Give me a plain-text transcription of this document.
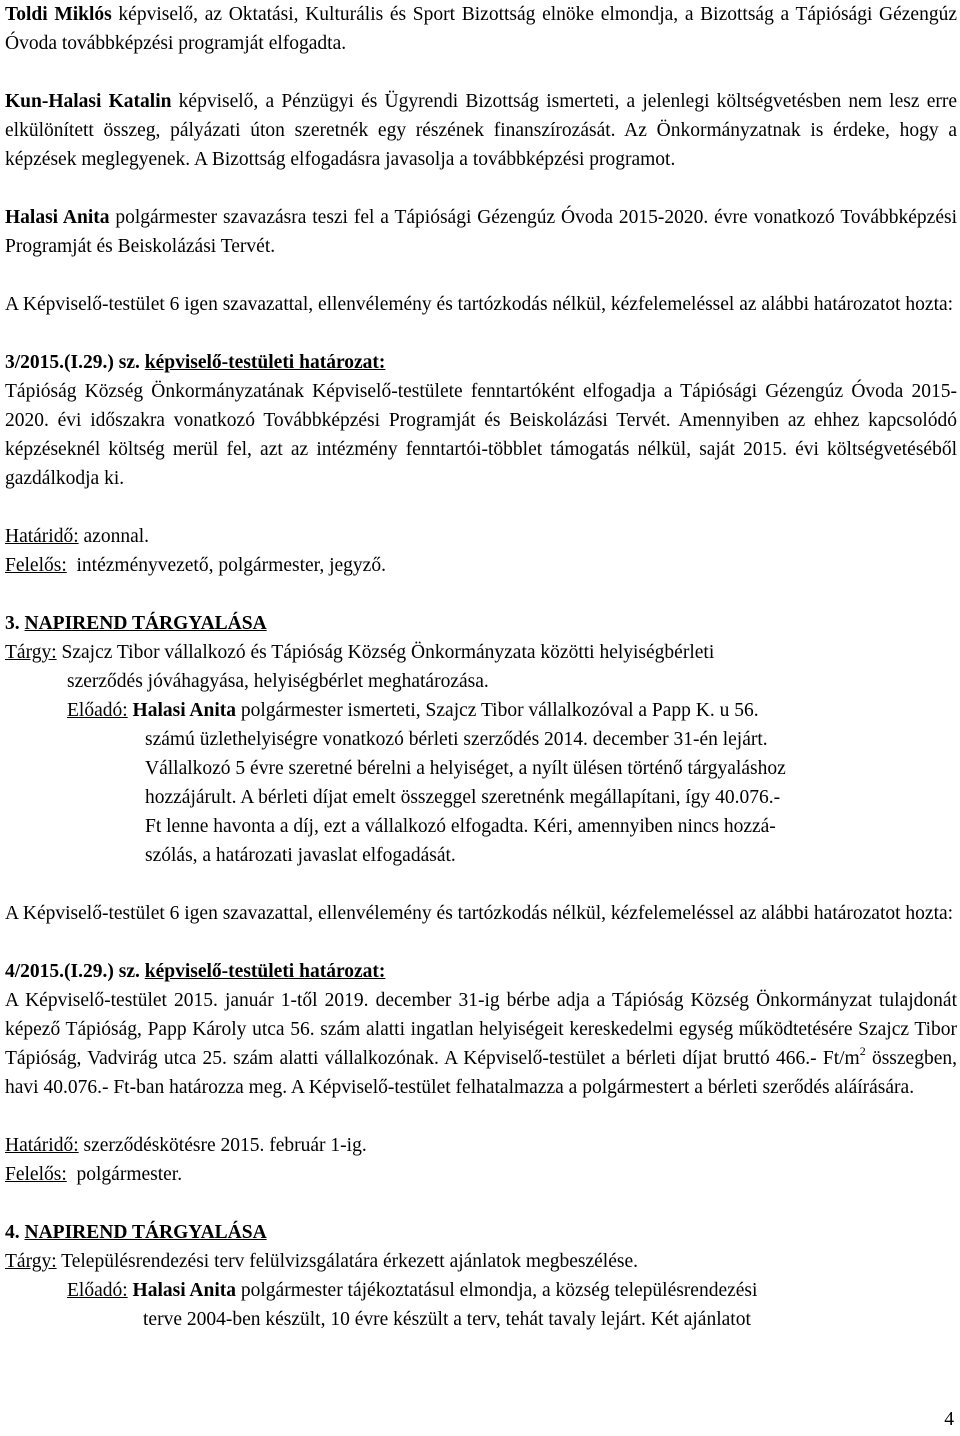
Toldi Miklós képviselő, az Oktatási, Kulturális és Sport Bizottság elnöke elmondja, a Bizottság a Tápiósági Gézengúz Óvoda továbbképzési programját elfogadta.

Kun-Halasi Katalin képviselő, a Pénzügyi és Ügyrendi Bizottság ismerteti, a jelenlegi költségvetésben nem lesz erre elkülönített összeg, pályázati úton szeretnék egy részének finanszírozását. Az Önkormányzatnak is érdeke, hogy a képzések meglegyenek. A Bizottság elfogadásra javasolja a továbbképzési programot.

Halasi Anita polgármester szavazásra teszi fel a Tápiósági Gézengúz Óvoda 2015-2020. évre vonatkozó Továbbképzési Programját és Beiskolázási Tervét.

A Képviselő-testület 6 igen szavazattal, ellenvélemény és tartózkodás nélkül, kézfelemeléssel az alábbi határozatot hozta:

3/2015.(I.29.) sz. képviselő-testületi határozat:

Tápióság Község Önkormányzatának Képviselő-testülete fenntartóként elfogadja a Tápiósági Gézengúz Óvoda 2015-2020. évi időszakra vonatkozó Továbbképzési Programját és Beiskolázási Tervét. Amennyiben az ehhez kapcsolódó képzéseknél költség merül fel, azt az intézmény fenntartói-többlet támogatás nélkül, saját 2015. évi költségvetéséből gazdálkodja ki.

Határidő: azonnal.

Felelős:  intézményvezető, polgármester, jegyző.

3. NAPIREND TÁRGYALÁSA

Tárgy: Szajcz Tibor vállalkozó és Tápióság Község Önkormányzata közötti helyiségbérleti

szerződés jóváhagyása, helyiségbérlet meghatározása.

Előadó: Halasi Anita polgármester ismerteti, Szajcz Tibor vállalkozóval a Papp K. u 56.

számú üzlethelyiségre vonatkozó bérleti szerződés 2014. december 31-én lejárt.

Vállalkozó 5 évre szeretné bérelni a helyiséget, a nyílt ülésen történő tárgyaláshoz

hozzájárult. A bérleti díjat emelt összeggel szeretnénk megállapítani, így 40.076.-

Ft lenne havonta a díj, ezt a vállalkozó elfogadta. Kéri, amennyiben nincs hozzá-

szólás, a határozati javaslat elfogadását.

A Képviselő-testület 6 igen szavazattal, ellenvélemény és tartózkodás nélkül, kézfelemeléssel az alábbi határozatot hozta:

4/2015.(I.29.) sz. képviselő-testületi határozat:

A Képviselő-testület 2015. január 1-től 2019. december 31-ig bérbe adja a Tápióság Község Önkormányzat tulajdonát képező Tápióság, Papp Károly utca 56. szám alatti ingatlan helyiségeit kereskedelmi egység működtetésére Szajcz Tibor Tápióság, Vadvirág utca 25. szám alatti vállalkozónak. A Képviselő-testület a bérleti díjat bruttó 466.- $Ft/m^2$ összegben, havi 40.076.- Ft-ban határozza meg. A Képviselő-testület felhatalmazza a polgármestert a bérleti szerődés aláírására.

Határidő: szerződéskötésre 2015. február 1-ig.

Felelős:  polgármester.

4. NAPIREND TÁRGYALÁSA

Tárgy: Településrendezési terv felülvizsgálatára érkezett ajánlatok megbeszélése.

Előadó: Halasi Anita polgármester tájékoztatásul elmondja, a község településrendezési

terve 2004-ben készült, 10 évre készült a terv, tehát tavaly lejárt. Két ajánlatot

4
